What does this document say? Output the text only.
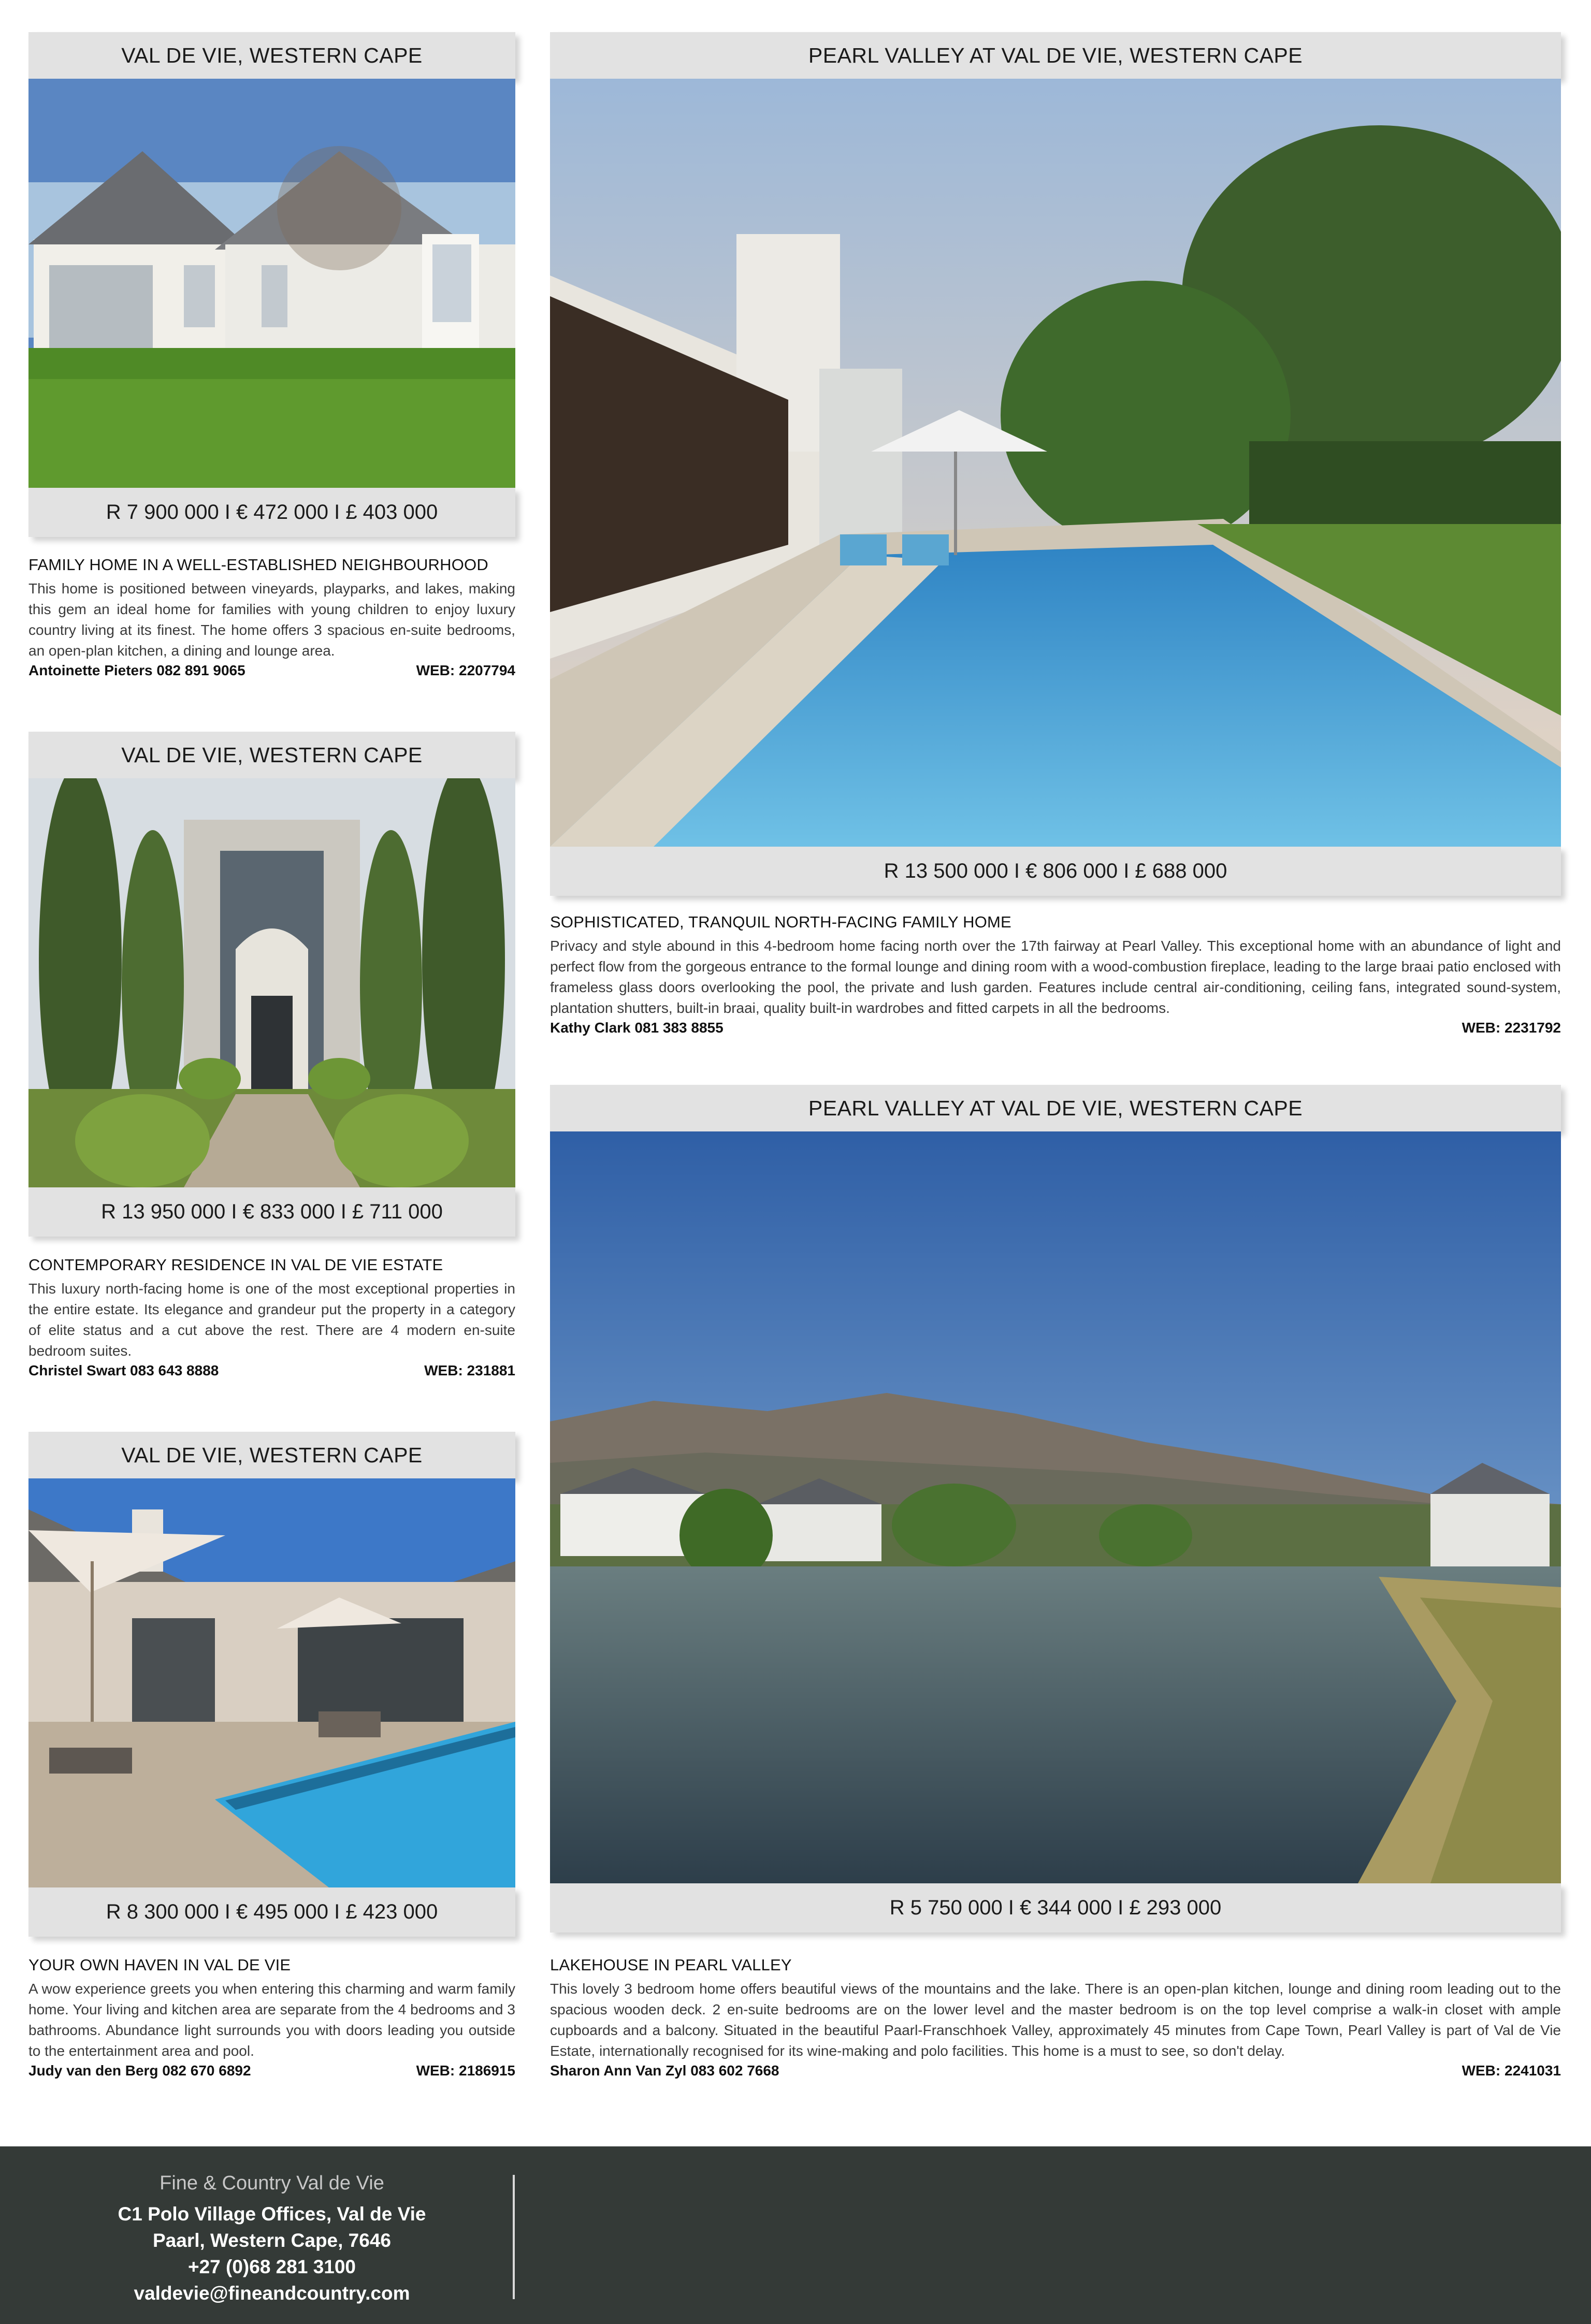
VAL DE VIE, WESTERN CAPE
R 7 900 000 I € 472 000 I £ 403 000

FAMILY HOME IN A WELL-ESTABLISHED NEIGHBOURHOOD

This home is positioned between vineyards, playparks, and lakes, making this gem an ideal home for families with young children to enjoy luxury country living at its finest. The home offers 3 spacious en-suite bedrooms, an open-plan kitchen, a dining and lounge area.

Antoinette Pieters 082 891 9065	WEB: 2207794
PEARL VALLEY AT VAL DE VIE, WESTERN CAPE
R 13 500 000 I € 806 000 I £ 688 000

SOPHISTICATED, TRANQUIL NORTH-FACING FAMILY HOME

Privacy and style abound in this 4-bedroom home facing north over the 17th fairway at Pearl Valley. This exceptional home with an abundance of light and perfect flow from the gorgeous entrance to the formal lounge and dining room with a wood-combustion fireplace, leading to the large braai patio enclosed with frameless glass doors overlooking the pool, the private and lush garden. Features include central air-conditioning, ceiling fans, integrated sound-system, plantation shutters, built-in braai, quality built-in wardrobes and fitted carpets in all the bedrooms.

Kathy Clark 081 383 8855	WEB: 2231792
VAL DE VIE, WESTERN CAPE
R 13 950 000 I € 833 000 I £ 711 000

CONTEMPORARY RESIDENCE IN VAL DE VIE ESTATE

This luxury north-facing home is one of the most exceptional properties in the entire estate. Its elegance and grandeur put the property in a category of elite status and a cut above the rest. There are 4 modern en-suite bedroom suites.

Christel Swart 083 643 8888	WEB: 231881
PEARL VALLEY AT VAL DE VIE, WESTERN CAPE
R 5 750 000 I € 344 000 I £ 293 000

LAKEHOUSE IN PEARL VALLEY

This lovely 3 bedroom home offers beautiful views of the mountains and the lake. There is an open-plan kitchen, lounge and dining room leading out to the spacious wooden deck. 2 en-suite bedrooms are on the lower level and the master bedroom is on the top level comprise a walk-in closet with ample cupboards and a balcony. Situated in the beautiful Paarl-Franschhoek Valley, approximately 45 minutes from Cape Town, Pearl Valley is part of Val de Vie Estate, internationally recognised for its wine-making and polo facilities. This home is a must to see, so don't delay.

Sharon Ann Van Zyl 083 602 7668	WEB: 2241031
VAL DE VIE, WESTERN CAPE
R 8 300 000 I € 495 000 I £ 423 000

YOUR OWN HAVEN IN VAL DE VIE

A wow experience greets you when entering this charming and warm family home. Your living and kitchen area are separate from the 4 bedrooms and 3 bathrooms. Abundance light surrounds you with doors leading you outside to the entertainment area and pool.

Judy van den Berg 082 670 6892	WEB: 2186915
Fine & Country Val de Vie
C1 Polo Village Offices, Val de Vie
Paarl, Western Cape, 7646
+27 (0)68 281 3100
valdevie@fineandcountry.com
